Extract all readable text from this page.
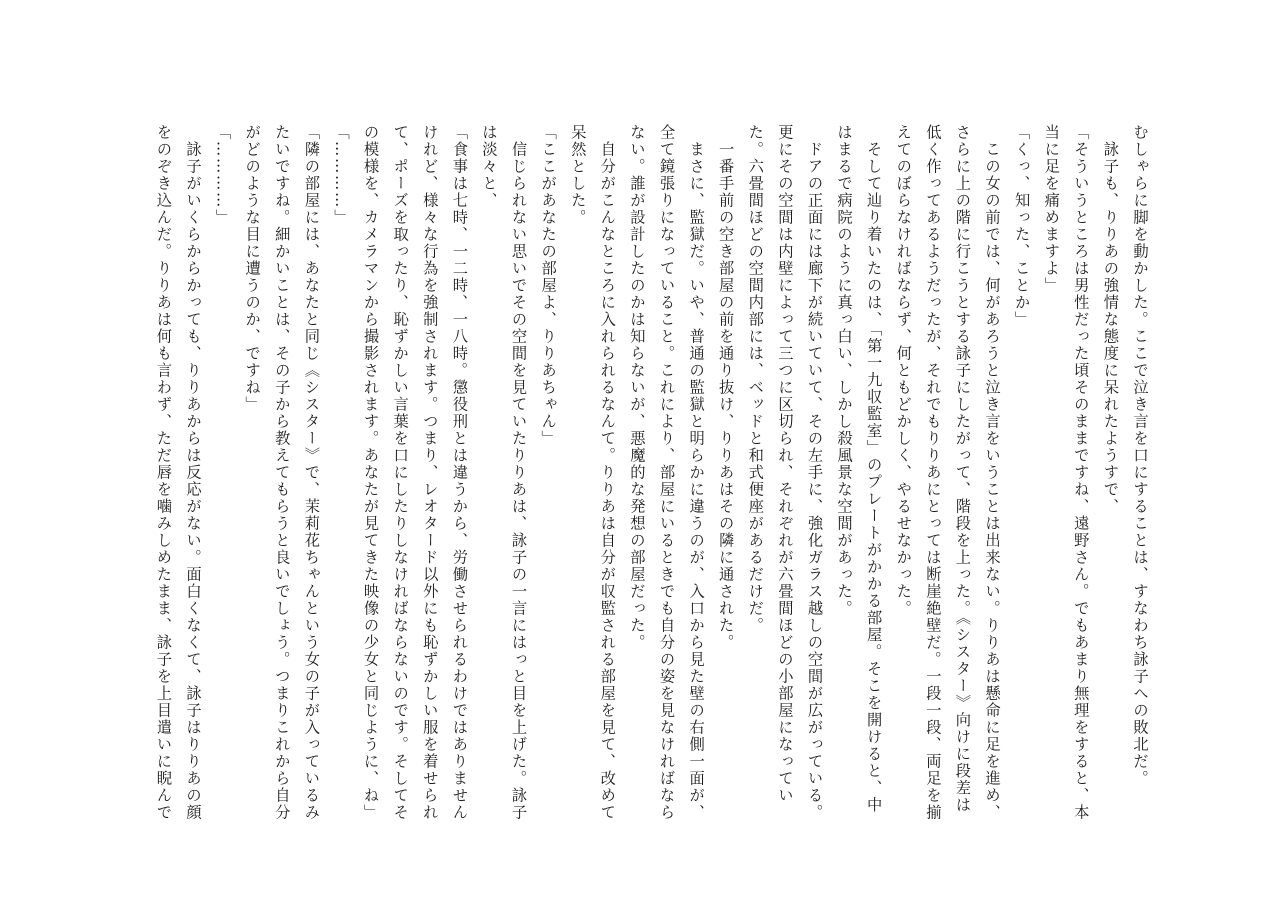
むしゃらに脚を動かした。ここで泣き言を口にすることは、すなわち詠子への敗北だ。
　詠子も、りりあの強情な態度に呆れたようすで、
「そういうところは男性だった頃そのままですね、遠野さん。でもあまり無理をすると、本
当に足を痛めますよ」
「くっ、知った、ことか」
　この女の前では、何があろうと泣き言をいうことは出来ない。りりあは懸命に足を進め、
さらに上の階に行こうとする詠子にしたがって、階段を上った。《シスター》向けに段差は
低く作ってあるようだったが、それでもりりあにとっては断崖絶壁だ。一段一段、両足を揃
えてのぼらなければならず、何ともどかしく、やるせなかった。
　そして辿り着いたのは、「第一九収監室」のプレートがかかる部屋。そこを開けると、中
はまるで病院のように真っ白い、しかし殺風景な空間があった。
　ドアの正面には廊下が続いていて、その左手に、強化ガラス越しの空間が広がっている。
更にその空間は内壁によって三つに区切られ、それぞれが六畳間ほどの小部屋になってい
た。六畳間ほどの空間内部には、ベッドと和式便座があるだけだ。
　一番手前の空き部屋の前を通り抜け、りりあはその隣に通された。
　まさに、監獄だ。いや、普通の監獄と明らかに違うのが、入口から見た壁の右側一面が、
全て鏡張りになっていること。これにより、部屋にいるときでも自分の姿を見なければなら
ない。誰が設計したのかは知らないが、悪魔的な発想の部屋だった。
　自分がこんなところに入れられるなんて。りりあは自分が収監される部屋を見て、改めて
呆然とした。
「ここがあなたの部屋よ、りりあちゃん」
　信じられない思いでその空間を見ていたりりあは、詠子の一言にはっと目を上げた。詠子
は淡々と、
「食事は七時、一二時、一八時。懲役刑とは違うから、労働させられるわけではありません
けれど、様々な行為を強制されます。つまり、レオタード以外にも恥ずかしい服を着せられ
て、ポーズを取ったり、恥ずかしい言葉を口にしたりしなければならないのです。そしてそ
の模様を、カメラマンから撮影されます。あなたが見てきた映像の少女と同じように、ね」
「…………」
「隣の部屋には、あなたと同じ《シスター》で、茉莉花ちゃんという女の子が入っているみ
たいですね。細かいことは、その子から教えてもらうと良いでしょう。つまりこれから自分
がどのような目に遭うのか、ですね」
「…………」
　詠子がいくらからかっても、りりあからは反応がない。面白くなくて、詠子はりりあの顔
をのぞき込んだ。りりあは何も言わず、ただ唇を噛みしめたまま、詠子を上目遣いに睨んで
